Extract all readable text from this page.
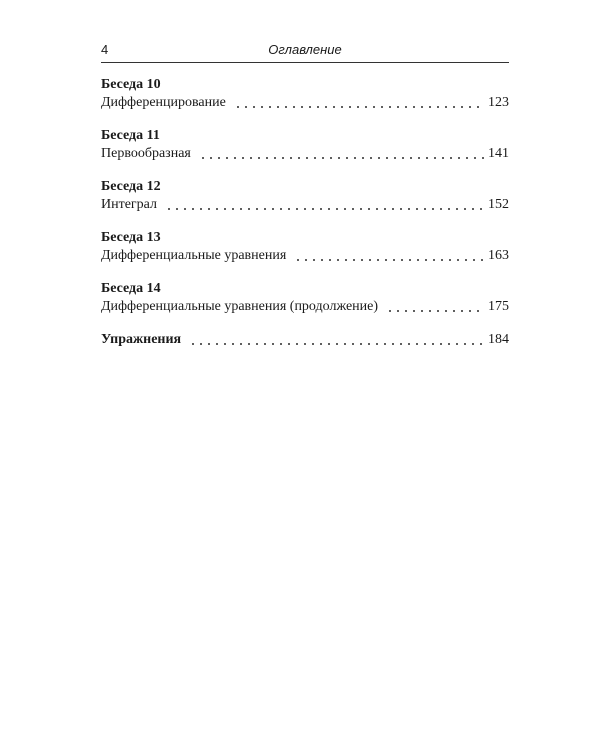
4	Оглавление
Беседа 10
Дифференцирование	123
Беседа 11
Первообразная	141
Беседа 12
Интеграл	152
Беседа 13
Дифференциальные уравнения	163
Беседа 14
Дифференциальные уравнения (продолжение)	175
Упражнения	184
